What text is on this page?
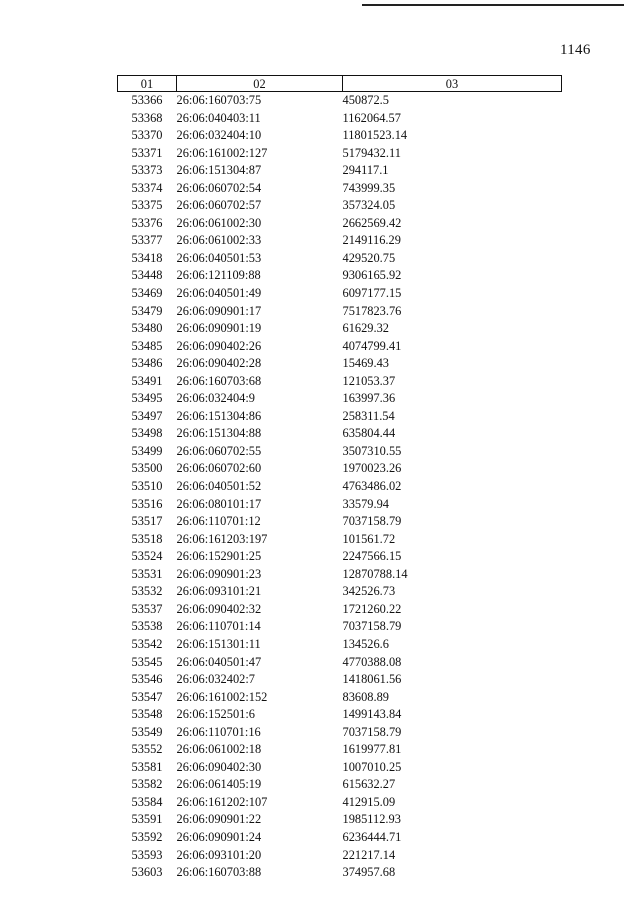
1146
01	02	03
53366	26:06:160703:75	450872.5
53368	26:06:040403:11	1162064.57
53370	26:06:032404:10	11801523.14
53371	26:06:161002:127	5179432.11
53373	26:06:151304:87	294117.1
53374	26:06:060702:54	743999.35
53375	26:06:060702:57	357324.05
53376	26:06:061002:30	2662569.42
53377	26:06:061002:33	2149116.29
53418	26:06:040501:53	429520.75
53448	26:06:121109:88	9306165.92
53469	26:06:040501:49	6097177.15
53479	26:06:090901:17	7517823.76
53480	26:06:090901:19	61629.32
53485	26:06:090402:26	4074799.41
53486	26:06:090402:28	15469.43
53491	26:06:160703:68	121053.37
53495	26:06:032404:9	163997.36
53497	26:06:151304:86	258311.54
53498	26:06:151304:88	635804.44
53499	26:06:060702:55	3507310.55
53500	26:06:060702:60	1970023.26
53510	26:06:040501:52	4763486.02
53516	26:06:080101:17	33579.94
53517	26:06:110701:12	7037158.79
53518	26:06:161203:197	101561.72
53524	26:06:152901:25	2247566.15
53531	26:06:090901:23	12870788.14
53532	26:06:093101:21	342526.73
53537	26:06:090402:32	1721260.22
53538	26:06:110701:14	7037158.79
53542	26:06:151301:11	134526.6
53545	26:06:040501:47	4770388.08
53546	26:06:032402:7	1418061.56
53547	26:06:161002:152	83608.89
53548	26:06:152501:6	1499143.84
53549	26:06:110701:16	7037158.79
53552	26:06:061002:18	1619977.81
53581	26:06:090402:30	1007010.25
53582	26:06:061405:19	615632.27
53584	26:06:161202:107	412915.09
53591	26:06:090901:22	1985112.93
53592	26:06:090901:24	6236444.71
53593	26:06:093101:20	221217.14
53603	26:06:160703:88	374957.68
